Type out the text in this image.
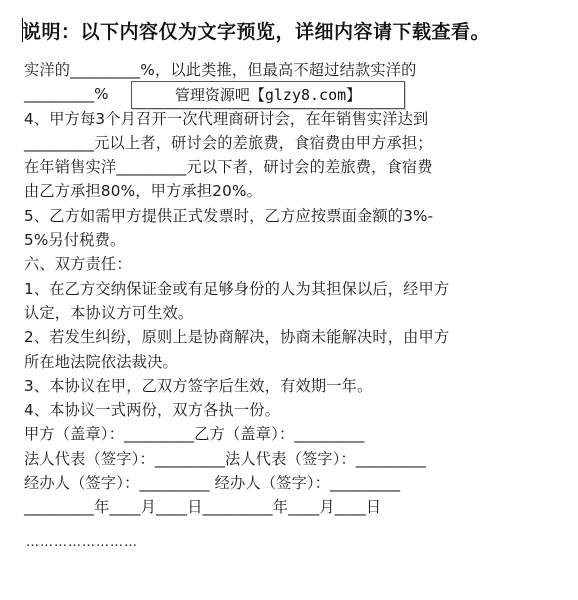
说明：以下内容仅为文字预览，详细内容请下载查看。
实洋的_________%，以此类推，但最高不超过结款实洋的
_________%
4、甲方每3个月召开一次代理商研讨会，在年销售实洋达到
_________元以上者，研讨会的差旅费，食宿费由甲方承担；
在年销售实洋_________元以下者，研讨会的差旅费，食宿费
由乙方承担80%，甲方承担20%。
5、乙方如需甲方提供正式发票时，乙方应按票面金额的3%-
5%另付税费。
六、双方责任：
1、在乙方交纳保证金或有足够身份的人为其担保以后，经甲方
认定，本协议方可生效。
2、若发生纠纷，原则上是协商解决，协商未能解决时，由甲方
所在地法院依法裁决。
3、本协议在甲，乙双方签字后生效，有效期一年。
4、本协议一式两份，双方各执一份。
甲方（盖章）：_________乙方（盖章）：_________
法人代表（签字）：_________法人代表（签字）：_________
经办人（签字）：_________ 经办人（签字）：_________
_________年____月____日_________年____月____日
管理资源吧【glzy8.com】
……………………
